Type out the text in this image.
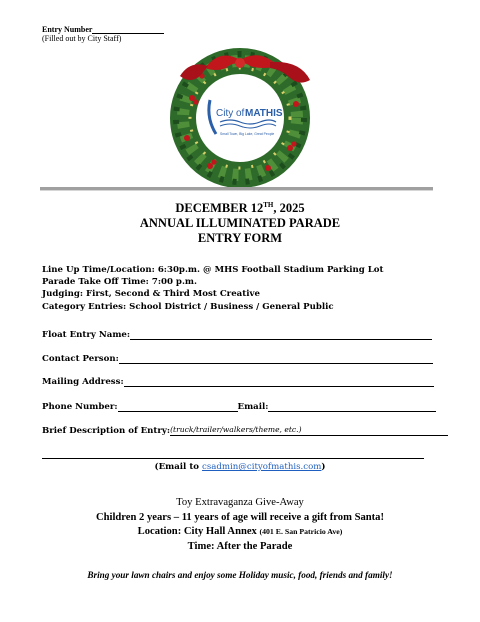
Entry Number
(Filled out by City Staff)
City of MATHIS
Small Town, Big Lake, Great People
DECEMBER 12TH, 2025
ANNUAL ILLUMINATED PARADE
ENTRY FORM
Line Up Time/Location: 6:30p.m. @ MHS Football Stadium Parking Lot
Parade Take Off Time: 7:00 p.m.
Judging: First, Second & Third Most Creative
Category Entries: School District / Business / General Public
Float Entry Name:
Contact Person:
Mailing Address:
Phone Number:	Email:
Brief Description of Entry: (truck/trailer/walkers/theme, etc.)
(Email to csadmin@cityofmathis.com)
Toy Extravaganza Give-Away
Children 2 years – 11 years of age will receive a gift from Santa!
Location: City Hall Annex (401 E. San Patricio Ave)
Time: After the Parade
Bring your lawn chairs and enjoy some Holiday music, food, friends and family!
